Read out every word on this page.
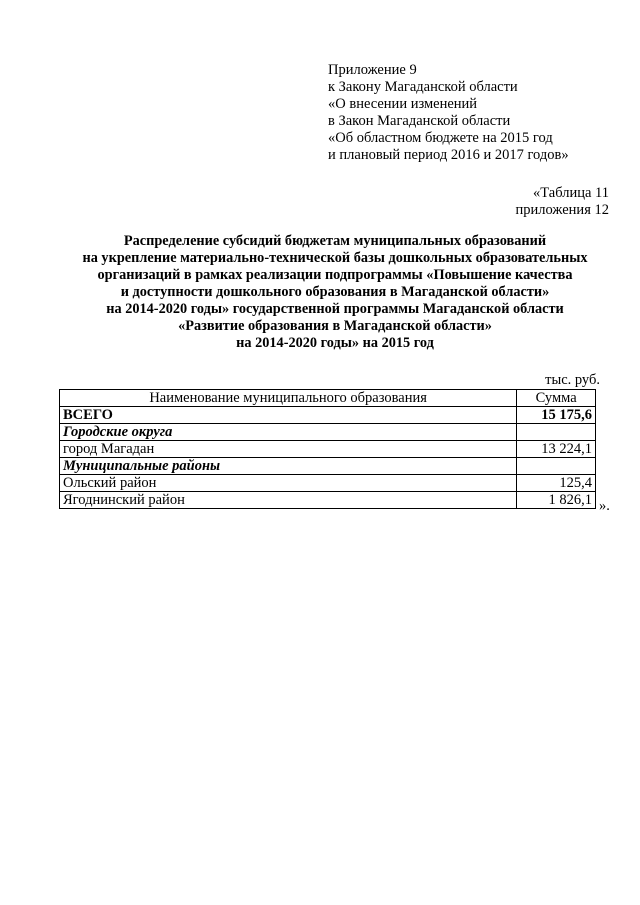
Приложение 9
к Закону Магаданской области
«О внесении изменений
в Закон Магаданской области
«Об областном бюджете на 2015 год
и плановый период 2016 и 2017 годов»
«Таблица 11
приложения 12
Распределение субсидий бюджетам муниципальных образований
на укрепление материально-технической базы дошкольных образовательных
организаций в рамках реализации подпрограммы «Повышение качества
и доступности дошкольного образования в Магаданской области»
на 2014-2020 годы» государственной программы Магаданской области
«Развитие образования в Магаданской области»
на 2014-2020 годы» на 2015 год
тыс. руб.
Наименование муниципального образования	Сумма
ВСЕГО	15 175,6
Городские округа	
город Магадан	13 224,1
Муниципальные районы	
Ольский район	125,4
Ягоднинский район	1 826,1 ».
